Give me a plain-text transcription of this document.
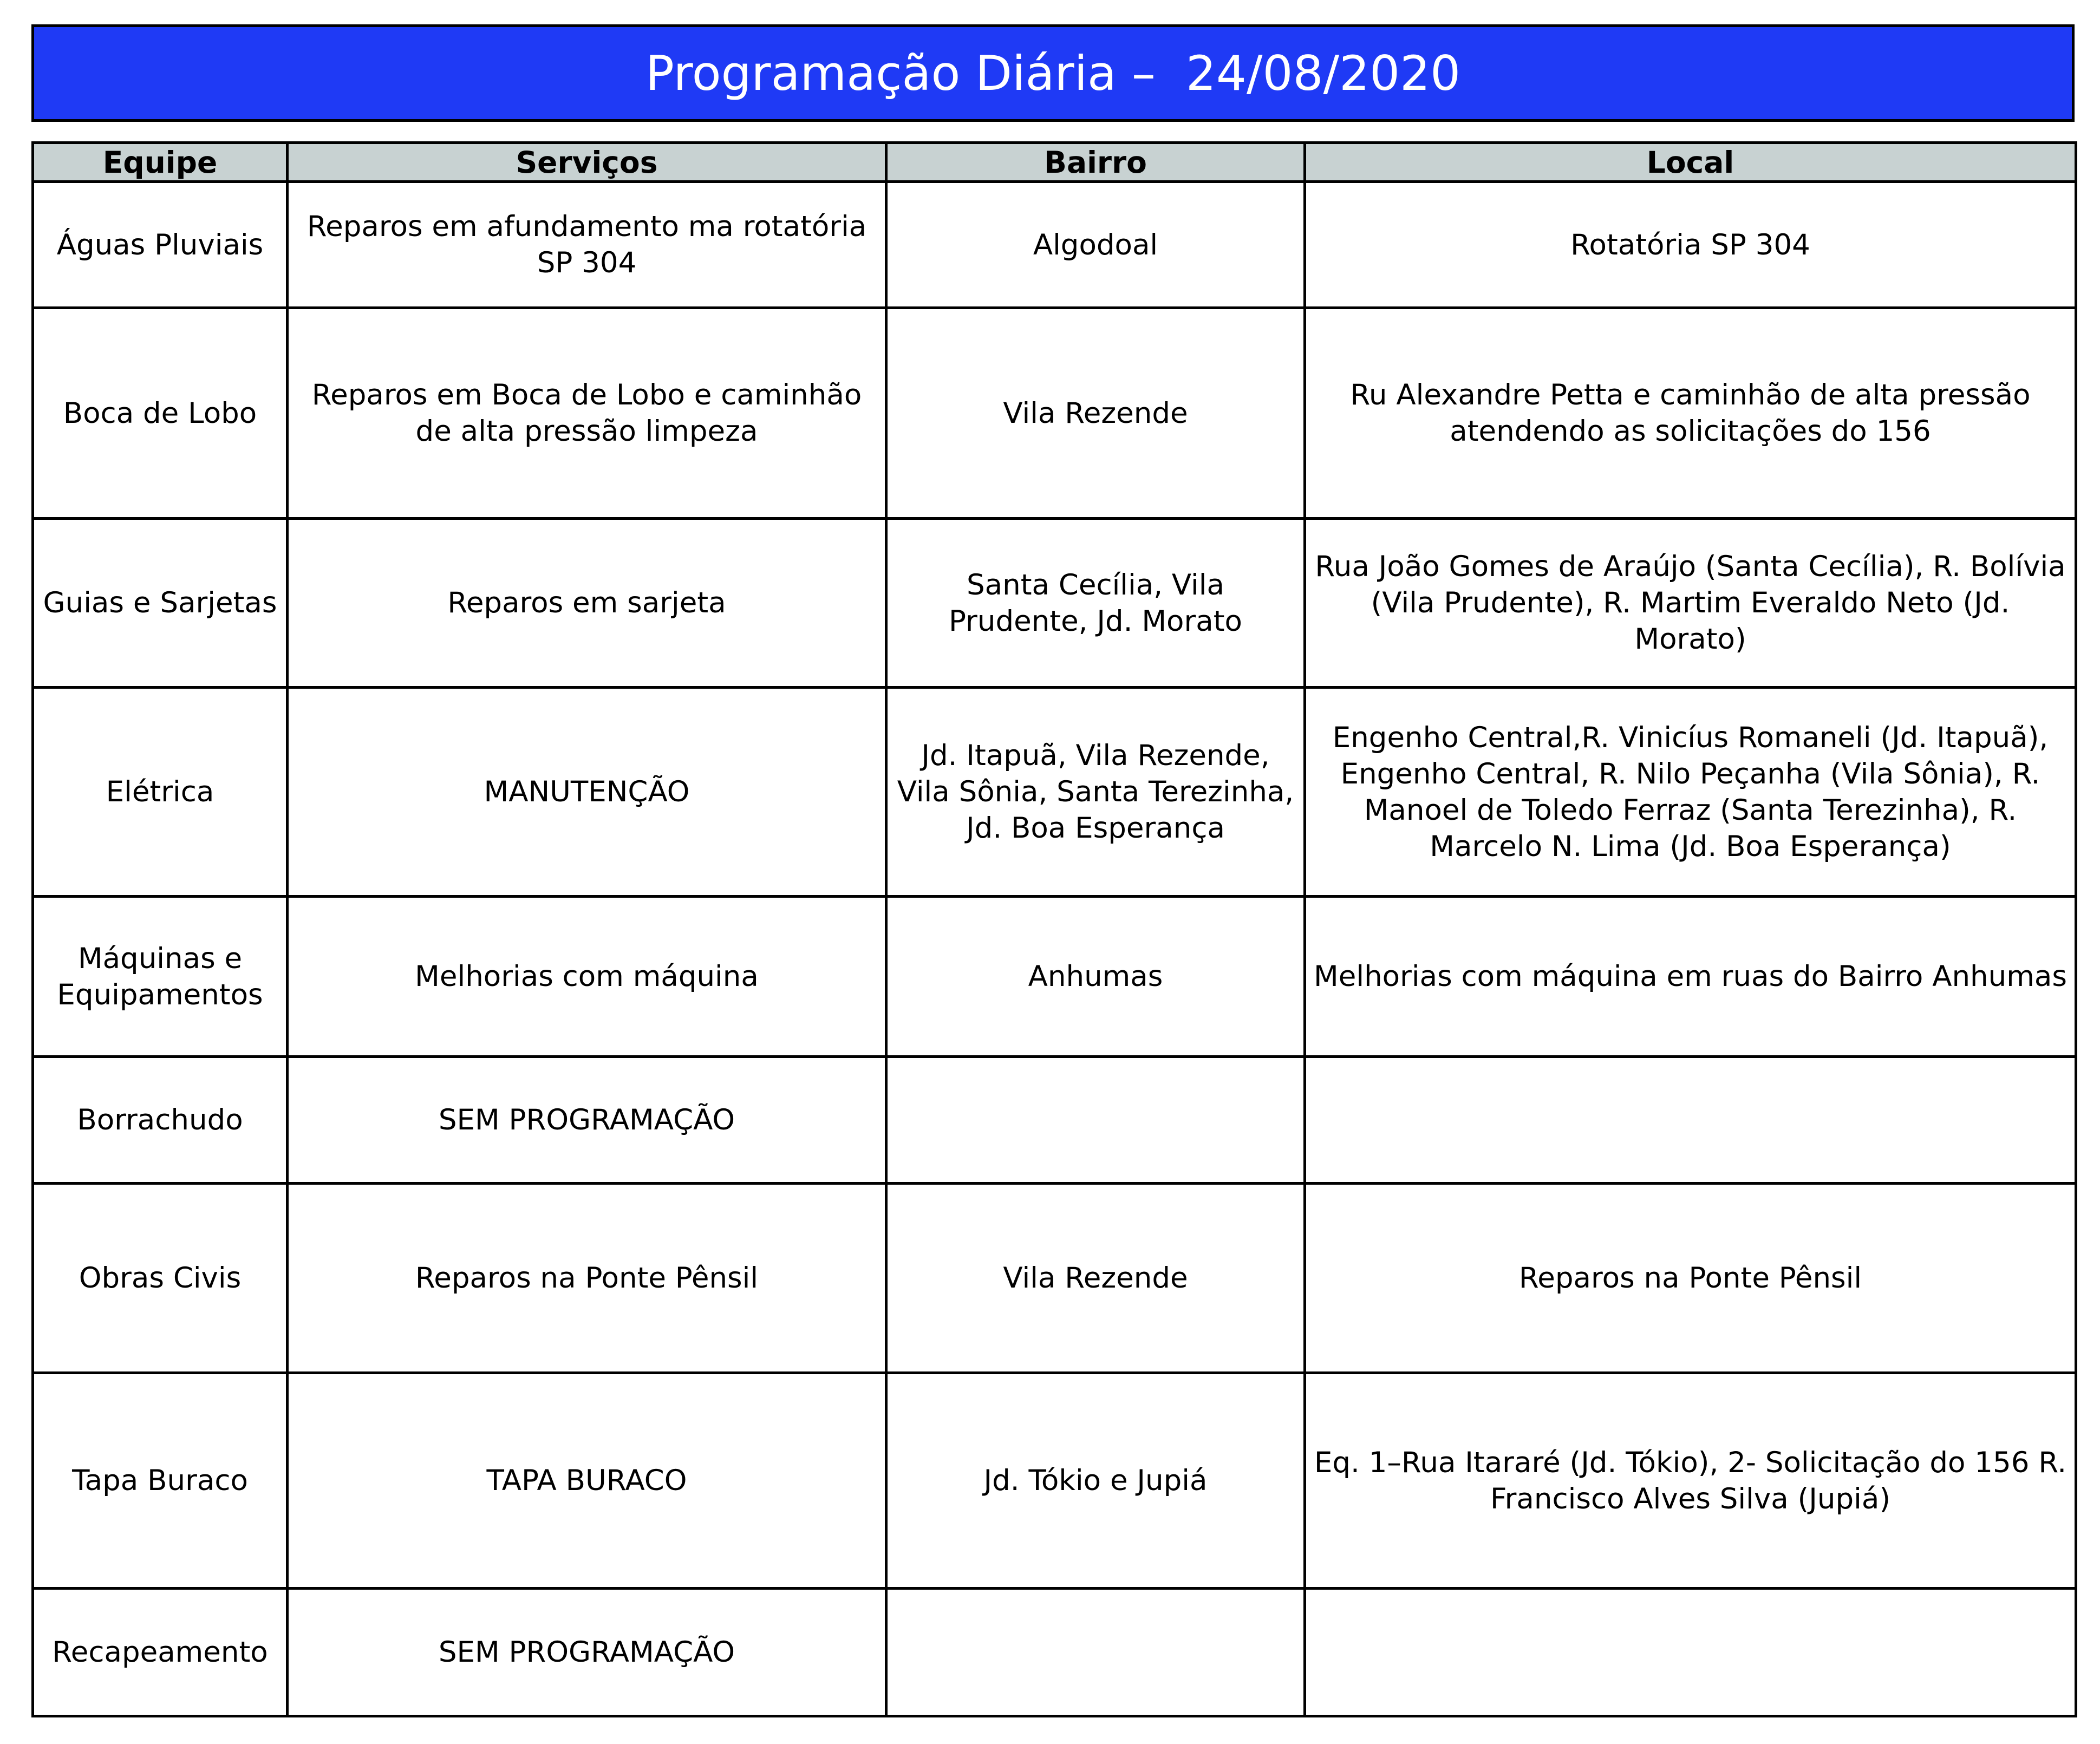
Programação Diária –  24/08/2020
Equipe	Serviços	Bairro	Local
Águas Pluviais	Reparos em afundamento ma rotatória SP 304	Algodoal	Rotatória SP 304
Boca de Lobo	Reparos em Boca de Lobo e caminhão de alta pressão limpeza	Vila Rezende	Ru Alexandre Petta e caminhão de alta pressão atendendo as solicitações do 156
Guias e Sarjetas	Reparos em sarjeta	Santa Cecília, Vila Prudente, Jd. Morato	Rua João Gomes de Araújo (Santa Cecília), R. Bolívia (Vila Prudente), R. Martim Everaldo Neto (Jd. Morato)
Elétrica	MANUTENÇÃO	Jd. Itapuã, Vila Rezende, Vila Sônia, Santa Terezinha, Jd. Boa Esperança	Engenho Central,R. Vinicíus Romaneli (Jd. Itapuã), Engenho Central, R. Nilo Peçanha (Vila Sônia), R. Manoel de Toledo Ferraz (Santa Terezinha), R. Marcelo N. Lima (Jd. Boa Esperança)
Máquinas e Equipamentos	Melhorias com máquina	Anhumas	Melhorias com máquina em ruas do Bairro Anhumas
Borrachudo	SEM PROGRAMAÇÃO		
Obras Civis	Reparos na Ponte Pênsil	Vila Rezende	Reparos na Ponte Pênsil
Tapa Buraco	TAPA BURACO	Jd. Tókio e Jupiá	Eq. 1–Rua Itararé (Jd. Tókio), 2- Solicitação do 156 R. Francisco Alves Silva (Jupiá)
Recapeamento	SEM PROGRAMAÇÃO		
